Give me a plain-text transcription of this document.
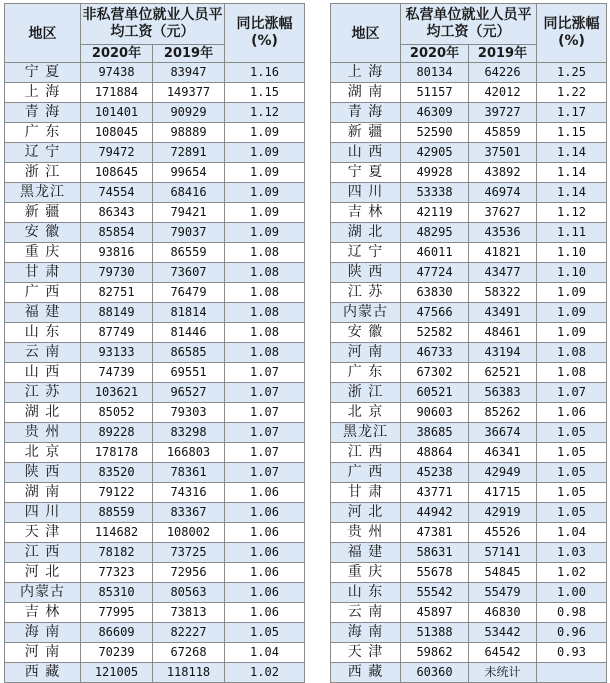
地区	非私营单位就业人员平均工资（元）		同比涨幅(%)
	2020年	2019年	
宁 夏	97438	83947	1.16
上 海	171884	149377	1.15
青 海	101401	90929	1.12
广 东	108045	98889	1.09
辽 宁	79472	72891	1.09
浙 江	108645	99654	1.09
黑龙江	74554	68416	1.09
新 疆	86343	79421	1.09
安 徽	85854	79037	1.09
重 庆	93816	86559	1.08
甘 肃	79730	73607	1.08
广 西	82751	76479	1.08
福 建	88149	81814	1.08
山 东	87749	81446	1.08
云 南	93133	86585	1.08
山 西	74739	69551	1.07
江 苏	103621	96527	1.07
湖 北	85052	79303	1.07
贵 州	89228	83298	1.07
北 京	178178	166803	1.07
陕 西	83520	78361	1.07
湖 南	79122	74316	1.06
四 川	88559	83367	1.06
天 津	114682	108002	1.06
江 西	78182	73725	1.06
河 北	77323	72956	1.06
内蒙古	85310	80563	1.06
吉 林	77995	73813	1.06
海 南	86609	82227	1.05
河 南	70239	67268	1.04
西 藏	121005	118118	1.02
地区	私营单位就业人员平均工资（元）		同比涨幅(%)
	2020年	2019年	
上 海	80134	64226	1.25
湖 南	51157	42012	1.22
青 海	46309	39727	1.17
新 疆	52590	45859	1.15
山 西	42905	37501	1.14
宁 夏	49928	43892	1.14
四 川	53338	46974	1.14
吉 林	42119	37627	1.12
湖 北	48295	43536	1.11
辽 宁	46011	41821	1.10
陕 西	47724	43477	1.10
江 苏	63830	58322	1.09
内蒙古	47566	43491	1.09
安 徽	52582	48461	1.09
河 南	46733	43194	1.08
广 东	67302	62521	1.08
浙 江	60521	56383	1.07
北 京	90603	85262	1.06
黑龙江	38685	36674	1.05
江 西	48864	46341	1.05
广 西	45238	42949	1.05
甘 肃	43771	41715	1.05
河 北	44942	42919	1.05
贵 州	47381	45526	1.04
福 建	58631	57141	1.03
重 庆	55678	54845	1.02
山 东	55542	55479	1.00
云 南	45897	46830	0.98
海 南	51388	53442	0.96
天 津	59862	64542	0.93
西 藏	60360	未统计	
